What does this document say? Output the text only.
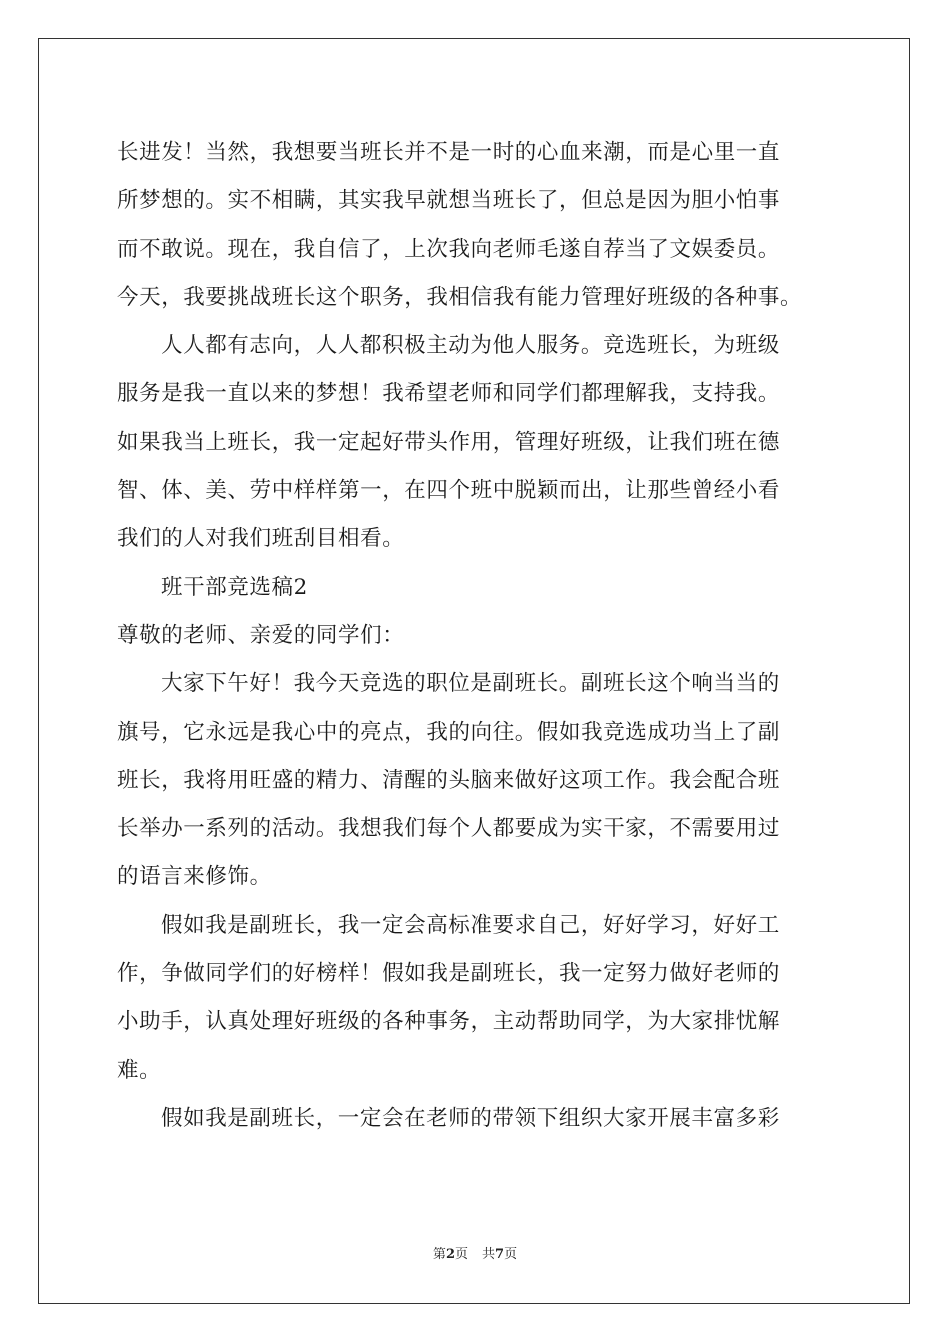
长进发！当然，我想要当班长并不是一时的心血来潮，而是心里一直
所梦想的。实不相瞒，其实我早就想当班长了，但总是因为胆小怕事
而不敢说。现在，我自信了，上次我向老师毛遂自荐当了文娱委员。
今天，我要挑战班长这个职务，我相信我有能力管理好班级的各种事。
人人都有志向，人人都积极主动为他人服务。竞选班长，为班级
服务是我一直以来的梦想！我希望老师和同学们都理解我，支持我。
如果我当上班长，我一定起好带头作用，管理好班级，让我们班在德
智、体、美、劳中样样第一，在四个班中脱颖而出，让那些曾经小看
我们的人对我们班刮目相看。
班干部竞选稿2
尊敬的老师、亲爱的同学们：
大家下午好！我今天竞选的职位是副班长。副班长这个响当当的
旗号，它永远是我心中的亮点，我的向往。假如我竞选成功当上了副
班长，我将用旺盛的精力、清醒的头脑来做好这项工作。我会配合班
长举办一系列的活动。我想我们每个人都要成为实干家，不需要用过
的语言来修饰。
假如我是副班长，我一定会高标准要求自己，好好学习，好好工
作，争做同学们的好榜样！假如我是副班长，我一定努力做好老师的
小助手，认真处理好班级的各种事务，主动帮助同学，为大家排忧解
难。
假如我是副班长，一定会在老师的带领下组织大家开展丰富多彩
第2页 共7页
